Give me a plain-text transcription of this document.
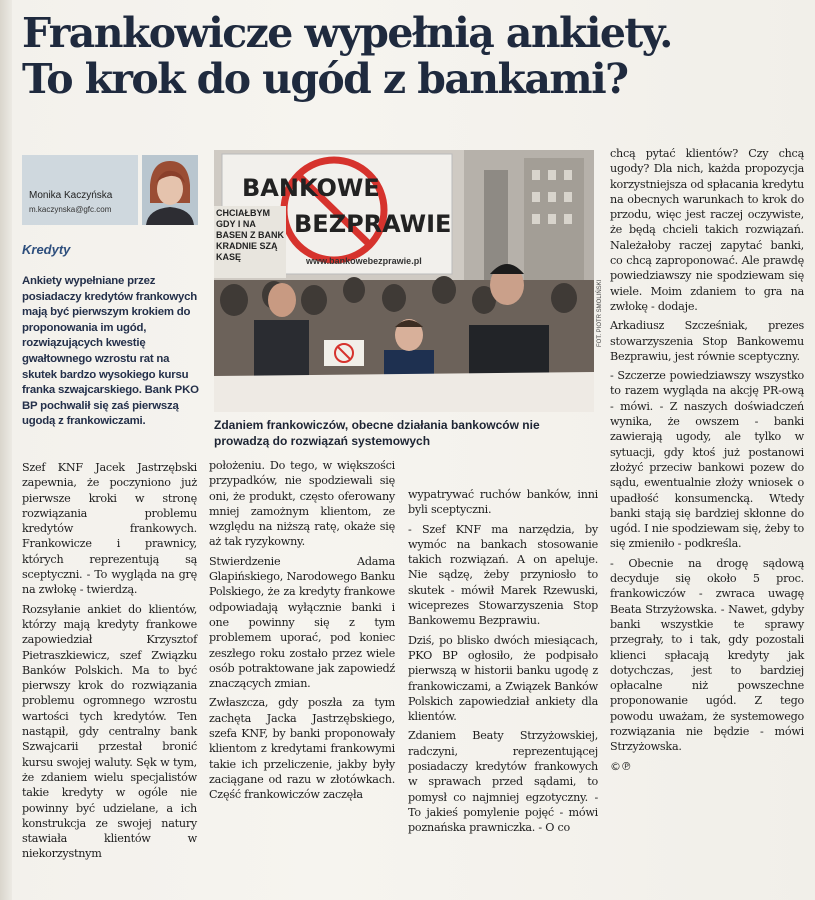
Frankowicze wypełnią ankiety.
To krok do ugód z bankami?
Monika Kaczyńska
m.kaczynska@gfc.com
Kredyty
Ankiety wypełniane przez posiadaczy kredytów frankowych mają być pierwszym krokiem do proponowania im ugód, rozwiązujących kwestię gwałtownego wzrostu rat na skutek bardzo wysokiego kursu franka szwajcarskiego. Bank PKO BP pochwalił się zaś pierwszą ugodą z frankowiczami.
BANKOWE
BEZPRAWIE
www.bankowebezprawie.pl
CHCIAŁBYM GDY I NA BASEN Z BANK KRADNIE SZĄ KASĘ
FOT. PIOTR SMOLIŃSKI
Zdaniem frankowiczów, obecne działania bankowców nie prowadzą do rozwiązań systemowych

Szef KNF Jacek Jastrzębski zapewnia, że poczyniono już pierwsze kroki w stronę rozwiązania problemu kredytów frankowych. Frankowicze i prawnicy, których reprezentują są sceptyczni. - To wygląda na grę na zwłokę - twierdzą.

Rozsyłanie ankiet do klientów, którzy mają kredyty frankowe zapowiedział Krzysztof Pietraszkiewicz, szef Związku Banków Polskich. Ma to być pierwszy krok do rozwiązania problemu ogromnego wzrostu wartości tych kredytów. Ten nastąpił, gdy centralny bank Szwajcarii przestał bronić kursu swojej waluty. Sęk w tym, że zdaniem wielu specjalistów takie kredyty w ogóle nie powinny być udzielane, a ich konstrukcja ze swojej natury stawiała klientów w niekorzystnym

położeniu. Do tego, w większości przypadków, nie spodziewali się oni, że produkt, często oferowany mniej zamożnym klientom, ze względu na niższą ratę, okaże się aż tak ryzykowny.

Stwierdzenie Adama Glapińskiego, Narodowego Banku Polskiego, że za kredyty frankowe odpowiadają wyłącznie banki i one powinny się z tym problemem uporać, pod koniec zeszłego roku zostało przez wiele osób potraktowane jak zapowiedź znaczących zmian.

Zwłaszcza, gdy poszła za tym zachęta Jacka Jastrzębskiego, szefa KNF, by banki proponowały klientom z kredytami frankowymi takie ich przeliczenie, jakby były zaciągane od razu w złotówkach. Część frankowiczów zaczęła

wypatrywać ruchów banków, inni byli sceptyczni.

- Szef KNF ma narzędzia, by wymóc na bankach stosowanie takich rozwiązań. A on apeluje. Nie sądzę, żeby przyniosło to skutek - mówił Marek Rzewuski, wiceprezes Stowarzyszenia Stop Bankowemu Bezprawiu.

Dziś, po blisko dwóch miesiącach, PKO BP ogłosiło, że podpisało pierwszą w historii banku ugodę z frankowiczami, a Związek Banków Polskich zapowiedział ankiety dla klientów.

Zdaniem Beaty Strzyżowskiej, radczyni, reprezentującej posiadaczy kredytów frankowych w sprawach przed sądami, to pomysł co najmniej egzotyczny. - To jakieś pomylenie pojęć - mówi poznańska prawniczka. - O co

chcą pytać klientów? Czy chcą ugody? Dla nich, każda propozycja korzystniejsza od spłacania kredytu na obecnych warunkach to krok do przodu, więc jest raczej oczywiste, że będą chcieli takich rozwiązań. Należałoby raczej zapytać banki, co chcą zaproponować. Ale prawdę powiedziawszy nie spodziewam się wiele. Moim zdaniem to gra na zwłokę - dodaje.

Arkadiusz Szcześniak, prezes stowarzyszenia Stop Bankowemu Bezprawiu, jest równie sceptyczny.

- Szczerze powiedziawszy wszystko to razem wygląda na akcję PR-ową - mówi. - Z naszych doświadczeń wynika, że owszem - banki zawierają ugody, ale tylko w sytuacji, gdy ktoś już postanowi złożyć przeciw bankowi pozew do sądu, ewentualnie złoży wniosek o upadłość konsumencką. Wtedy banki stają się bardziej skłonne do ugód. I nie spodziewam się, żeby to się zmieniło - podkreśla.

- Obecnie na drogę sądową decyduje się około 5 proc. frankowiczów - zwraca uwagę Beata Strzyżowska. - Nawet, gdyby banki wszystkie te sprawy przegrały, to i tak, gdy pozostali klienci spłacają kredyty jak dotychczas, jest to bardziej opłacalne niż powszechne proponowanie ugód. Z tego powodu uważam, że systemowego rozwiązania nie będzie - mówi Strzyżowska.

©℗
